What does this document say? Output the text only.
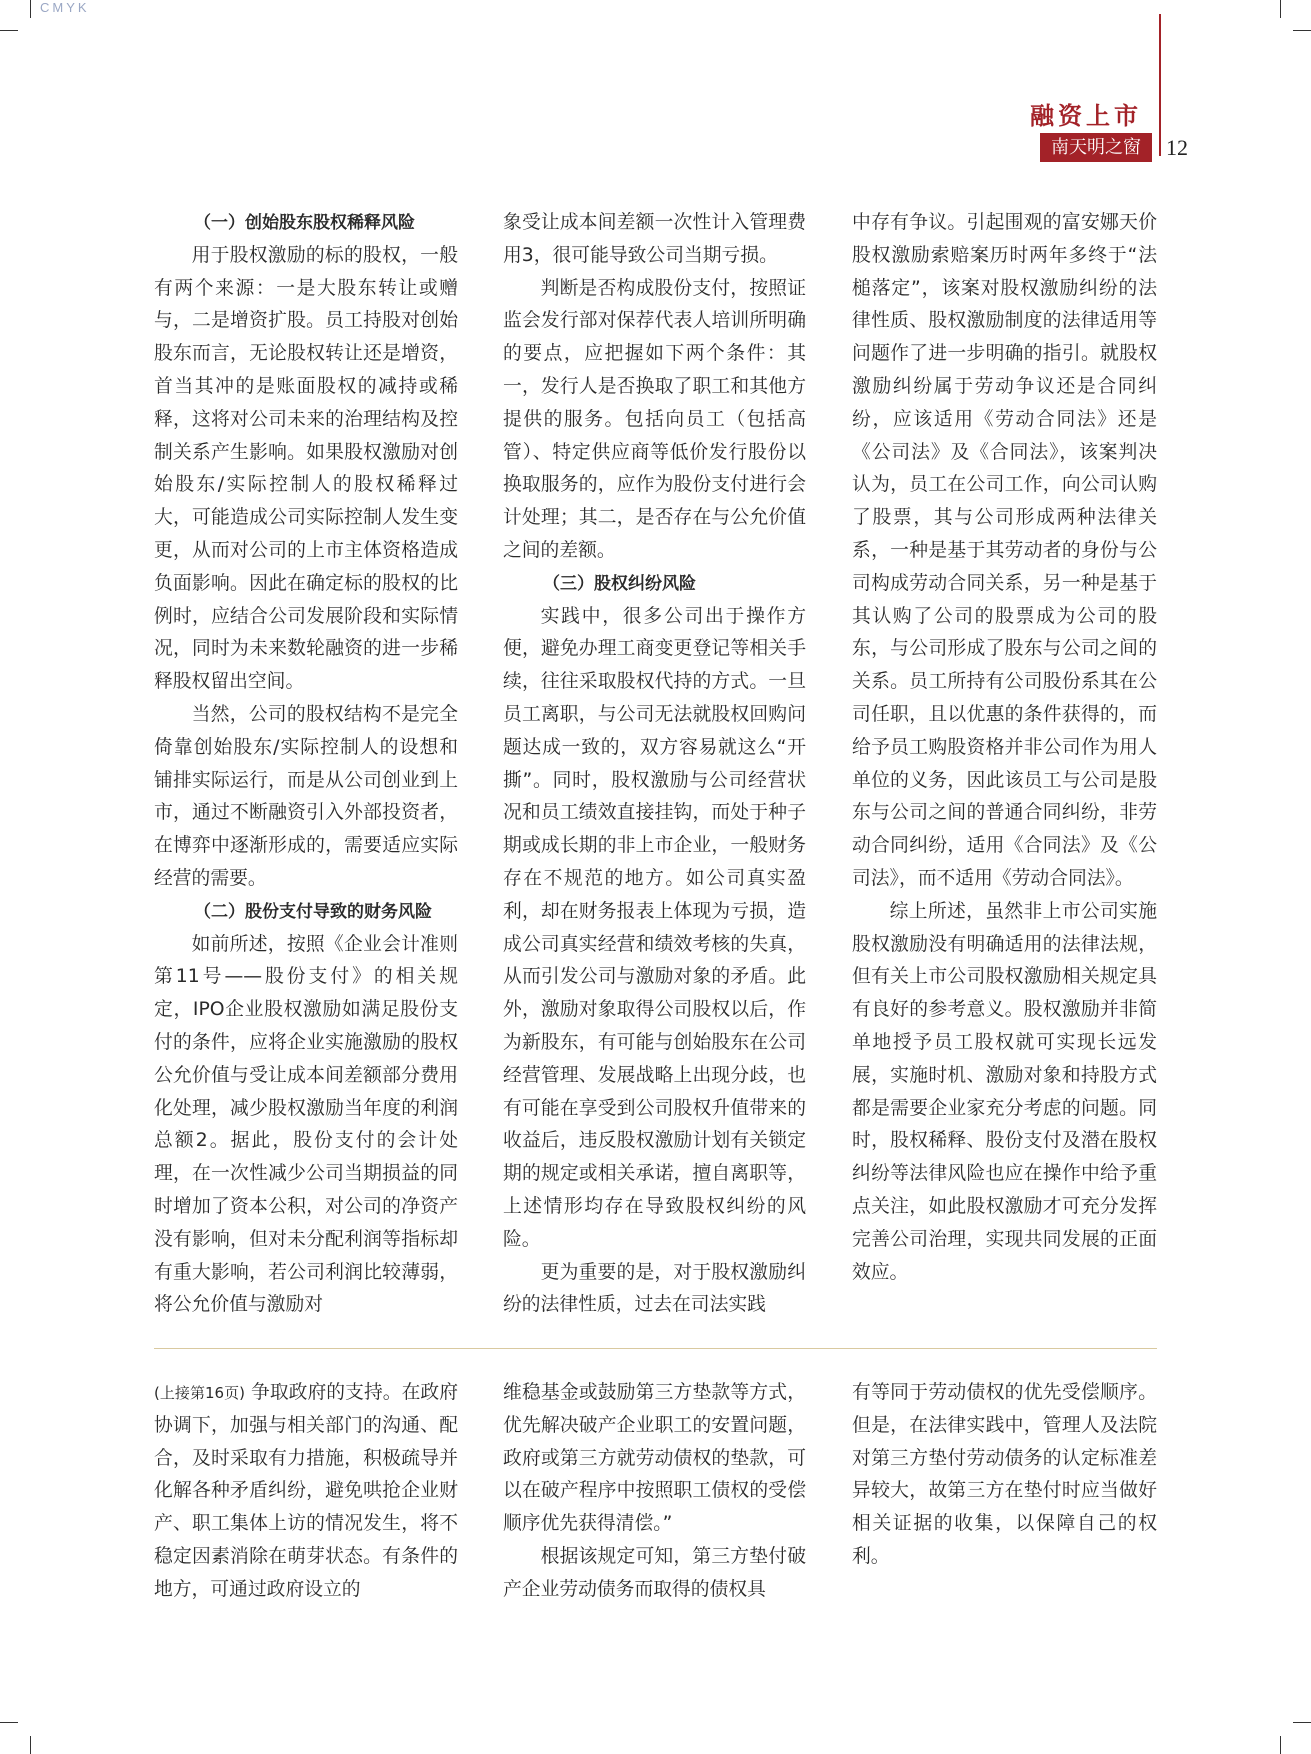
CMYK
融资上市
南天明之窗	12
（一）创始股东股权稀释风险

用于股权激励的标的股权，一般有两个来源：一是大股东转让或赠与，二是增资扩股。员工持股对创始股东而言，无论股权转让还是增资，首当其冲的是账面股权的减持或稀释，这将对公司未来的治理结构及控制关系产生影响。如果股权激励对创始股东/实际控制人的股权稀释过大，可能造成公司实际控制人发生变更，从而对公司的上市主体资格造成负面影响。因此在确定标的股权的比例时，应结合公司发展阶段和实际情况，同时为未来数轮融资的进一步稀释股权留出空间。

当然，公司的股权结构不是完全倚靠创始股东/实际控制人的设想和铺排实际运行，而是从公司创业到上市，通过不断融资引入外部投资者，在博弈中逐渐形成的，需要适应实际经营的需要。

（二）股份支付导致的财务风险

如前所述，按照《企业会计准则第11号——股份支付》的相关规定，IPO企业股权激励如满足股份支付的条件，应将企业实施激励的股权公允价值与受让成本间差额部分费用化处理，减少股权激励当年度的利润总额2。据此，股份支付的会计处理，在一次性减少公司当期损益的同时增加了资本公积，对公司的净资产没有影响，但对未分配利润等指标却有重大影响，若公司利润比较薄弱，将公允价值与激励对

象受让成本间差额一次性计入管理费用3，很可能导致公司当期亏损。

判断是否构成股份支付，按照证监会发行部对保荐代表人培训所明确的要点，应把握如下两个条件：其一，发行人是否换取了职工和其他方提供的服务。包括向员工（包括高管）、特定供应商等低价发行股份以换取服务的，应作为股份支付进行会计处理；其二，是否存在与公允价值之间的差额。

（三）股权纠纷风险

实践中，很多公司出于操作方便，避免办理工商变更登记等相关手续，往往采取股权代持的方式。一旦员工离职，与公司无法就股权回购问题达成一致的，双方容易就这么“开撕”。同时，股权激励与公司经营状况和员工绩效直接挂钩，而处于种子期或成长期的非上市企业，一般财务存在不规范的地方。如公司真实盈利，却在财务报表上体现为亏损，造成公司真实经营和绩效考核的失真，从而引发公司与激励对象的矛盾。此外，激励对象取得公司股权以后，作为新股东，有可能与创始股东在公司经营管理、发展战略上出现分歧，也有可能在享受到公司股权升值带来的收益后，违反股权激励计划有关锁定期的规定或相关承诺，擅自离职等，上述情形均存在导致股权纠纷的风险。

更为重要的是，对于股权激励纠纷的法律性质，过去在司法实践

中存有争议。引起围观的富安娜天价股权激励索赔案历时两年多终于“法槌落定”，该案对股权激励纠纷的法律性质、股权激励制度的法律适用等问题作了进一步明确的指引。就股权激励纠纷属于劳动争议还是合同纠纷，应该适用《劳动合同法》还是《公司法》及《合同法》，该案判决认为，员工在公司工作，向公司认购了股票，其与公司形成两种法律关系，一种是基于其劳动者的身份与公司构成劳动合同关系，另一种是基于其认购了公司的股票成为公司的股东，与公司形成了股东与公司之间的关系。员工所持有公司股份系其在公司任职，且以优惠的条件获得的，而给予员工购股资格并非公司作为用人单位的义务，因此该员工与公司是股东与公司之间的普通合同纠纷，非劳动合同纠纷，适用《合同法》及《公司法》，而不适用《劳动合同法》。

综上所述，虽然非上市公司实施股权激励没有明确适用的法律法规，但有关上市公司股权激励相关规定具有良好的参考意义。股权激励并非简单地授予员工股权就可实现长远发展，实施时机、激励对象和持股方式都是需要企业家充分考虑的问题。同时，股权稀释、股份支付及潜在股权纠纷等法律风险也应在操作中给予重点关注，如此股权激励才可充分发挥完善公司治理，实现共同发展的正面效应。

(上接第16页) 争取政府的支持。在政府协调下，加强与相关部门的沟通、配合，及时采取有力措施，积极疏导并化解各种矛盾纠纷，避免哄抢企业财产、职工集体上访的情况发生，将不稳定因素消除在萌芽状态。有条件的地方，可通过政府设立的

维稳基金或鼓励第三方垫款等方式，优先解决破产企业职工的安置问题，政府或第三方就劳动债权的垫款，可以在破产程序中按照职工债权的受偿顺序优先获得清偿。”

根据该规定可知，第三方垫付破产企业劳动债务而取得的债权具

有等同于劳动债权的优先受偿顺序。但是，在法律实践中，管理人及法院对第三方垫付劳动债务的认定标准差异较大，故第三方在垫付时应当做好相关证据的收集，以保障自己的权利。
